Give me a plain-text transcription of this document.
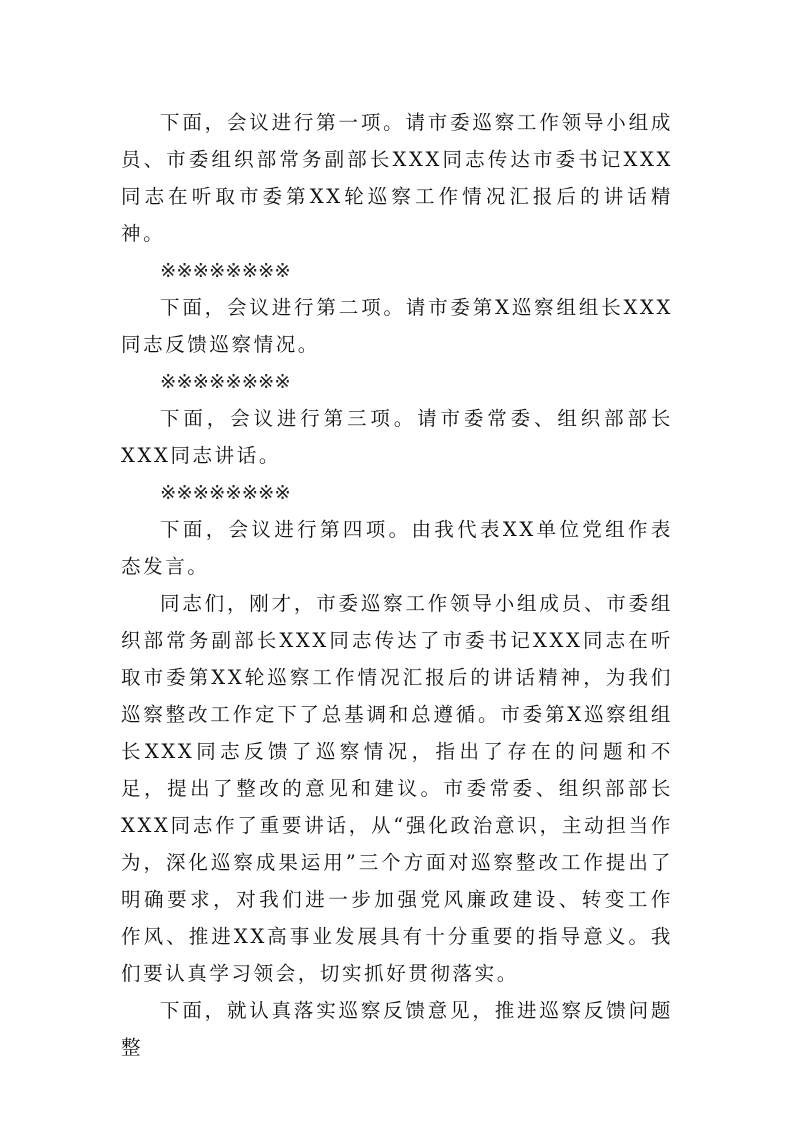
下面，会议进行第一项。请市委巡察工作领导小组成员、市委组织部常务副部长XXX同志传达市委书记XXX同志在听取市委第XX轮巡察工作情况汇报后的讲话精神。

※※※※※※※※

下面，会议进行第二项。请市委第X巡察组组长XXX同志反馈巡察情况。

※※※※※※※※

下面，会议进行第三项。请市委常委、组织部部长XXX同志讲话。

※※※※※※※※

下面，会议进行第四项。由我代表XX单位党组作表态发言。

同志们，刚才，市委巡察工作领导小组成员、市委组织部常务副部长XXX同志传达了市委书记XXX同志在听取市委第XX轮巡察工作情况汇报后的讲话精神，为我们巡察整改工作定下了总基调和总遵循。市委第X巡察组组长XXX同志反馈了巡察情况，指出了存在的问题和不足，提出了整改的意见和建议。市委常委、组织部部长XXX同志作了重要讲话，从“强化政治意识，主动担当作为，深化巡察成果运用”三个方面对巡察整改工作提出了明确要求，对我们进一步加强党风廉政建设、转变工作作风、推进XX高事业发展具有十分重要的指导意义。我们要认真学习领会，切实抓好贯彻落实。

下面，就认真落实巡察反馈意见，推进巡察反馈问题整
